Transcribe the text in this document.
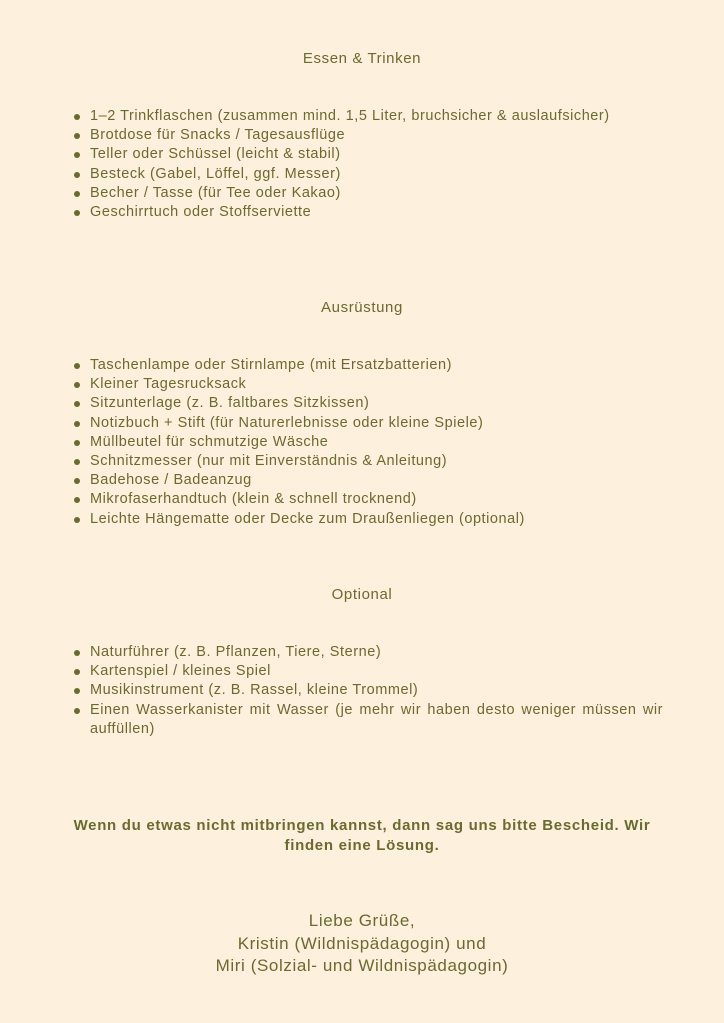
Essen & Trinken
1–2 Trinkflaschen (zusammen mind. 1,5 Liter, bruchsicher & auslaufsicher)
Brotdose für Snacks / Tagesausflüge
Teller oder Schüssel (leicht & stabil)
Besteck (Gabel, Löffel, ggf. Messer)
Becher / Tasse (für Tee oder Kakao)
Geschirrtuch oder Stoffserviette
Ausrüstung
Taschenlampe oder Stirnlampe (mit Ersatzbatterien)
Kleiner Tagesrucksack
Sitzunterlage (z. B. faltbares Sitzkissen)
Notizbuch + Stift (für Naturerlebnisse oder kleine Spiele)
Müllbeutel für schmutzige Wäsche
Schnitzmesser (nur mit Einverständnis & Anleitung)
Badehose / Badeanzug
Mikrofaserhandtuch (klein & schnell trocknend)
Leichte Hängematte oder Decke zum Draußenliegen (optional)
Optional
Naturführer (z. B. Pflanzen, Tiere, Sterne)
Kartenspiel / kleines Spiel
Musikinstrument (z. B. Rassel, kleine Trommel)
Einen Wasserkanister mit Wasser (je mehr wir haben desto weniger müssen wir auffüllen)
Wenn du etwas nicht mitbringen kannst, dann sag uns bitte Bescheid. Wir finden eine Lösung.
Liebe Grüße,
Kristin (Wildnispädagogin) und
Miri (Solzial- und Wildnispädagogin)
